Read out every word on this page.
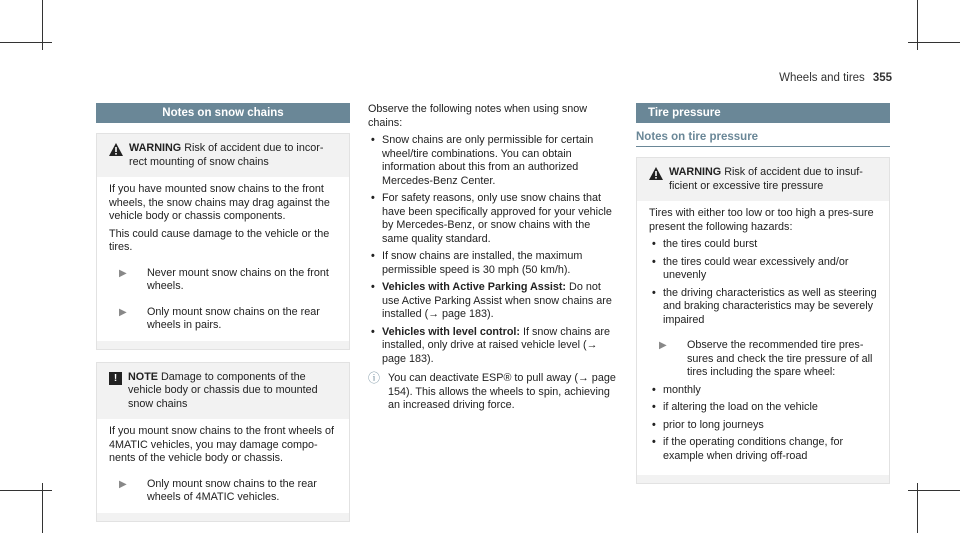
Wheels and tires 355
Notes on snow chains
WARNING Risk of accident due to incor-rect mounting of snow chains

If you have mounted snow chains to the front wheels, the snow chains may drag against the vehicle body or chassis components.

This could cause damage to the vehicle or the tires.

▶	Never mount snow chains on the front wheels.
▶	Only mount snow chains on the rear wheels in pairs.
!	NOTE Damage to components of the vehicle body or chassis due to mounted snow chains

If you mount snow chains to the front wheels of 4MATIC vehicles, you may damage compo-nents of the vehicle body or chassis.

▶	Only mount snow chains to the rear wheels of 4MATIC vehicles.

Observe the following notes when using snow chains:

• Snow chains are only permissible for certain wheel/tire combinations. You can obtain information about this from an authorized Mercedes-Benz Center.
• For safety reasons, only use snow chains that have been specifically approved for your vehicle by Mercedes-Benz, or snow chains with the same quality standard.
• If snow chains are installed, the maximum permissible speed is 30 mph (50 km/h).
• Vehicles with Active Parking Assist: Do not use Active Parking Assist when snow chains are installed (→ page 183).
• Vehicles with level control: If snow chains are installed, only drive at raised vehicle level (→ page 183).
ⓘ You can deactivate ESP® to pull away (→ page 154). This allows the wheels to spin, achieving an increased driving force.
Tire pressure
Notes on tire pressure
WARNING Risk of accident due to insuf-ficient or excessive tire pressure

Tires with either too low or too high a pres-sure present the following hazards:

• the tires could burst
• the tires could wear excessively and/or unevenly
• the driving characteristics as well as steering and braking characteristics may be severely impaired
▶	Observe the recommended tire pres-sures and check the tire pressure of all tires including the spare wheel:
• monthly
• if altering the load on the vehicle
• prior to long journeys
• if the operating conditions change, for example when driving off-road
